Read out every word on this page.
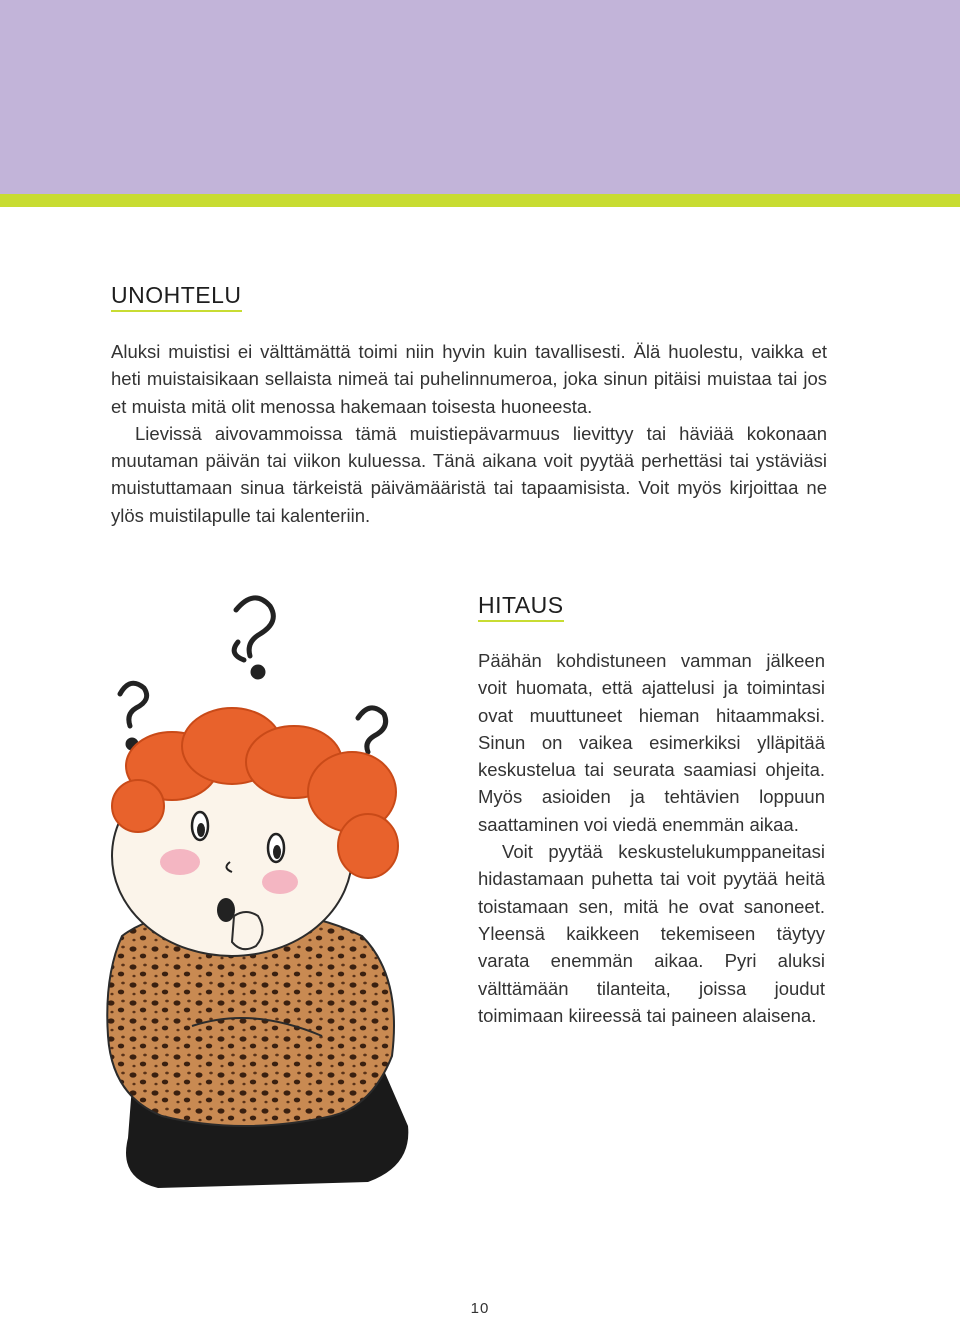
UNOHTELU
Aluksi muistisi ei välttämättä toimi niin hyvin kuin tavallisesti. Älä huolestu, vaikka et heti muistaisikaan sellaista nimeä tai puhelinnumeroa, joka sinun pitäisi muistaa tai jos et muista mitä olit menossa hakemaan toisesta huoneesta.
Lievissä aivovammoissa tämä muistiepävarmuus lievittyy tai häviää kokonaan muutaman päivän tai viikon kuluessa. Tänä aikana voit pyytää perhettäsi tai ystäviäsi muistuttamaan sinua tärkeistä päivämääristä tai tapaamisista. Voit myös kirjoittaa ne ylös muistilapulle tai kalenteriin.
HITAUS
Päähän kohdistuneen vamman jälkeen voit huomata, että ajattelusi ja toimintasi ovat muuttuneet hieman hitaammaksi. Sinun on vaikea esimerkiksi ylläpitää keskustelua tai seurata saamiasi ohjeita. Myös asioiden ja tehtävien loppuun saattaminen voi viedä enemmän aikaa.
Voit pyytää keskustelukumppaneitasi hidastamaan puhetta tai voit pyytää heitä toistamaan sen, mitä he ovat sanoneet. Yleensä kaikkeen tekemiseen täytyy varata enemmän aikaa. Pyri aluksi välttämään tilanteita, joissa joudut toimimaan kiireessä tai paineen alaisena.
10
